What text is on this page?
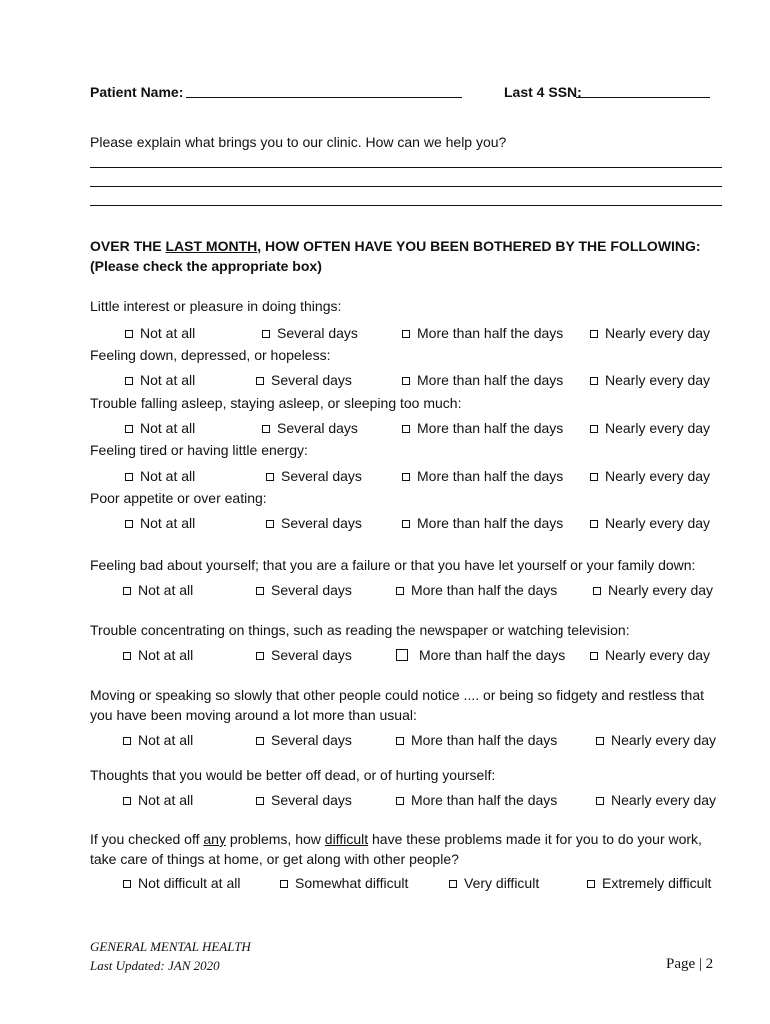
Patient Name:	Last 4 SSN:
Please explain what brings you to our clinic. How can we help you?
OVER THE LAST MONTH, HOW OFTEN HAVE YOU BEEN BOTHERED BY THE FOLLOWING:
(Please check the appropriate box)
Little interest or pleasure in doing things:
Not at all	Several days	More than half the days	Nearly every day
Feeling down, depressed, or hopeless:
Not at all	Several days	More than half the days	Nearly every day
Trouble falling asleep, staying asleep, or sleeping too much:
Not at all	Several days	More than half the days	Nearly every day
Feeling tired or having little energy:
Not at all	Several days	More than half the days	Nearly every day
Poor appetite or over eating:
Not at all	Several days	More than half the days	Nearly every day
Feeling bad about yourself; that you are a failure or that you have let yourself or your family down:
Not at all	Several days	More than half the days	Nearly every day
Trouble concentrating on things, such as reading the newspaper or watching television:
Not at all	Several days	More than half the days	Nearly every day
Moving or speaking so slowly that other people could notice .... or being so fidgety and restless that
you have been moving around a lot more than usual:
Not at all	Several days	More than half the days	Nearly every day
Thoughts that you would be better off dead, or of hurting yourself:
Not at all	Several days	More than half the days	Nearly every day
If you checked off any problems, how difficult have these problems made it for you to do your work,
take care of things at home, or get along with other people?
Not difficult at all	Somewhat difficult	Very difficult	Extremely difficult
GENERAL MENTAL HEALTH
Last Updated: JAN 2020	Page | 2
